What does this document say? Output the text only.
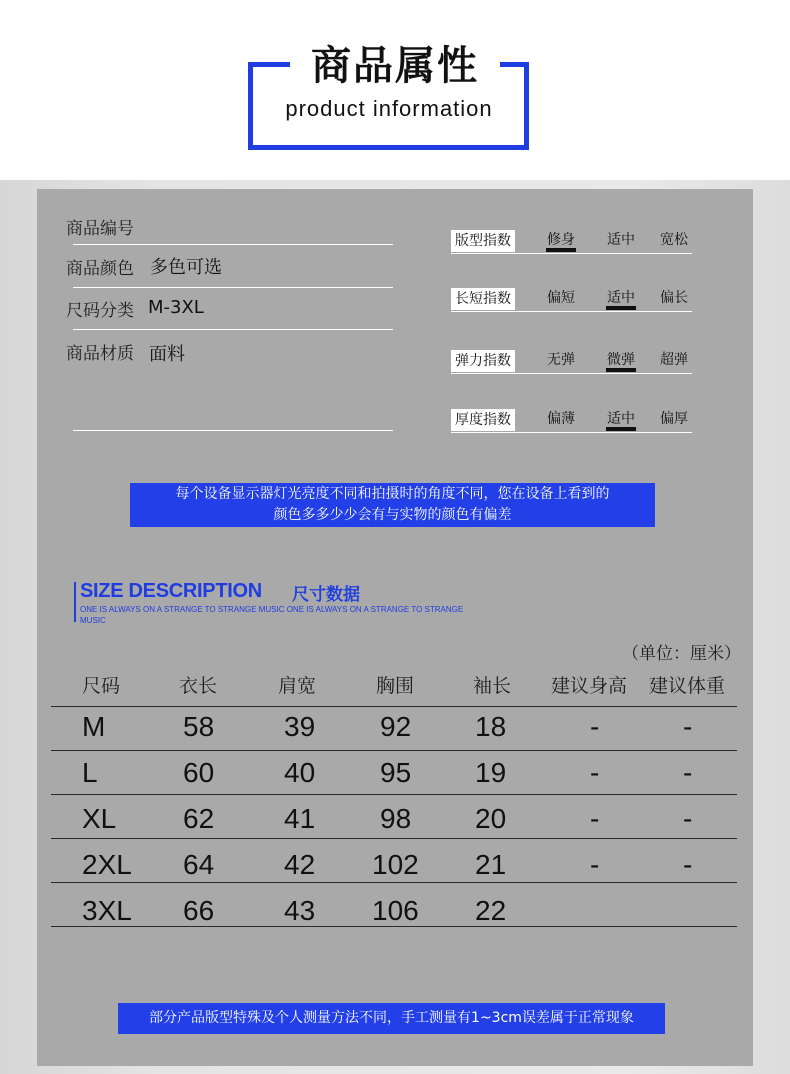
商品属性
product information
商品编号
商品颜色 多色可选
尺码分类 M-3XL
商品材质 面料
版型指数	修身 适中 宽松
长短指数	偏短 适中 偏长
弹力指数	无弹 微弹 超弹
厚度指数	偏薄 适中 偏厚
每个设备显示器灯光亮度不同和拍摄时的角度不同，您在设备上看到的
颜色多多少少会有与实物的颜色有偏差
SIZE DESCRIPTION 尺寸数据
ONE IS ALWAYS ON A STRANGE TO STRANGE MUSIC ONE IS ALWAYS ON A STRANGE TO STRANGE MUSIC
（单位：厘米）
尺码	衣长	肩宽	胸围	袖长 建议身高 建议体重
M	58 39 92 18	-	-
L	60 40 95 19	-	-
XL 62 41 98 20	-	-
2XL 64 42 102 21	-	-
3XL 66 43 106 22
部分产品版型特殊及个人测量方法不同，手工测量有1~3cm误差属于正常现象
